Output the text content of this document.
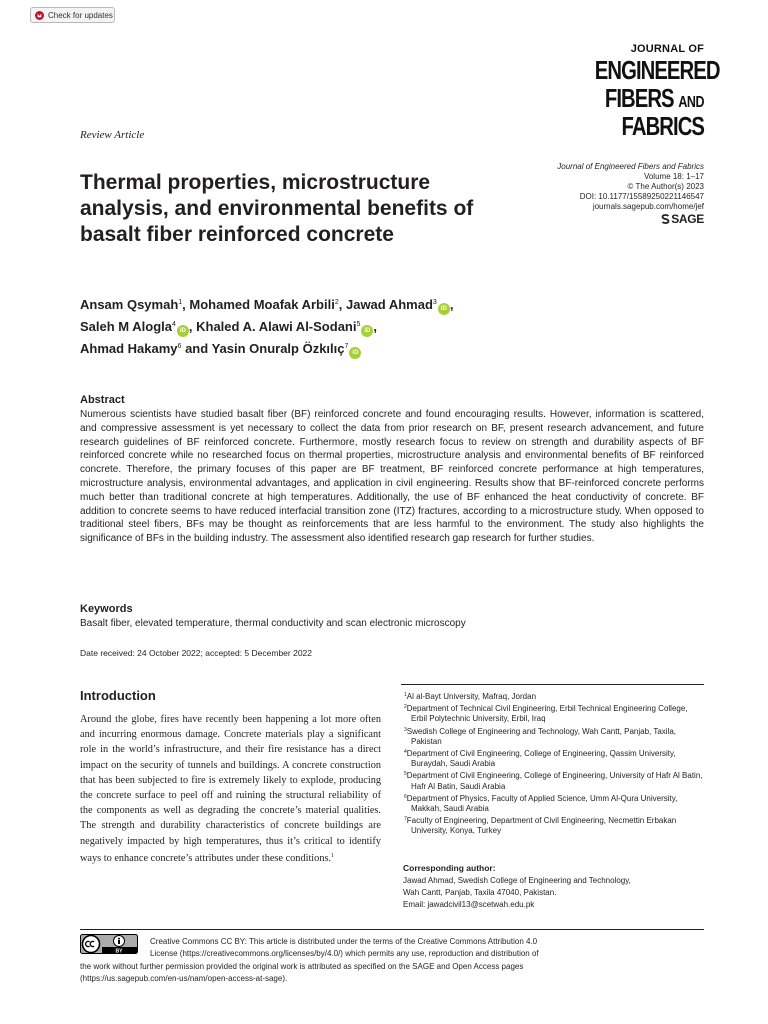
Check for updates
JOURNAL OF
ENGINEERED
FIBERS AND
FABRICS
Review Article
Journal of Engineered Fibers and Fabrics
Volume 18: 1–17
© The Author(s) 2023
DOI: 10.1177/15589250221146547
journals.sagepub.com/home/jef
SAGE
Thermal properties, microstructure analysis, and environmental benefits of basalt fiber reinforced concrete
Ansam Qsymah$^1$, Mohamed Moafak Arbili$^2$, Jawad Ahmad$^3$iD ,
Saleh M Alogla$^4$iD , Khaled A. Alawi Al-Sodani$^5$iD ,
Ahmad Hakamy$^6$ and Yasin Onuralp Özkılıç$^7$iD
Abstract
Numerous scientists have studied basalt fiber (BF) reinforced concrete and found encouraging results. However, information is scattered, and compressive assessment is yet necessary to collect the data from prior research on BF, present research advancement, and future research guidelines of BF reinforced concrete. Furthermore, mostly research focus to review on strength and durability aspects of BF reinforced concrete while no researched focus on thermal properties, microstructure analysis and environmental benefits of BF reinforced concrete. Therefore, the primary focuses of this paper are BF treatment, BF reinforced concrete performance at high temperatures, microstructure analysis, environmental advantages, and application in civil engineering. Results show that BF-reinforced concrete performs much better than traditional concrete at high temperatures. Additionally, the use of BF enhanced the heat conductivity of concrete. BF addition to concrete seems to have reduced interfacial transition zone (ITZ) fractures, according to a microstructure study. When opposed to traditional steel fibers, BFs may be thought as reinforcements that are less harmful to the environment. The study also highlights the significance of BFs in the building industry. The assessment also identified research gap research for further studies.
Keywords
Basalt fiber, elevated temperature, thermal conductivity and scan electronic microscopy
Date received: 24 October 2022; accepted: 5 December 2022
Introduction
Around the globe, fires have recently been happening a lot more often and incurring enormous damage. Concrete materials play a significant role in the world’s infrastructure, and their fire resistance has a direct impact on the security of tunnels and buildings. A concrete construction that has been subjected to fire is extremely likely to explode, producing the concrete surface to peel off and ruining the structural reliability of the components as well as degrading the concrete’s material qualities. The strength and durability characteristics of concrete buildings are negatively impacted by high temperatures, thus it’s critical to identify ways to enhance concrete’s attributes under these conditions.$^1$
$^1$Al al-Bayt University, Mafraq, Jordan
$^2$Department of Technical Civil Engineering, Erbil Technical Engineering College, Erbil Polytechnic University, Erbil, Iraq
$^3$Swedish College of Engineering and Technology, Wah Cantt, Panjab, Taxila, Pakistan
$^4$Department of Civil Engineering, College of Engineering, Qassim University, Buraydah, Saudi Arabia
$^5$Department of Civil Engineering, College of Engineering, University of Hafr Al Batin, Hafr Al Batin, Saudi Arabia
$^6$Department of Physics, Faculty of Applied Science, Umm Al-Qura University, Makkah, Saudi Arabia
$^7$Faculty of Engineering, Department of Civil Engineering, Necmettin Erbakan University, Konya, Turkey
Corresponding author:
Jawad Ahmad, Swedish College of Engineering and Technology,
Wah Cantt, Panjab, Taxila 47040, Pakistan.
Email: jawadcivil13@scetwah.edu.pk
BY
Creative Commons CC BY: This article is distributed under the terms of the Creative Commons Attribution 4.0
License (https://creativecommons.org/licenses/by/4.0/) which permits any use, reproduction and distribution of
the work without further permission provided the original work is attributed as specified on the SAGE and Open Access pages
(https://us.sagepub.com/en-us/nam/open-access-at-sage).
